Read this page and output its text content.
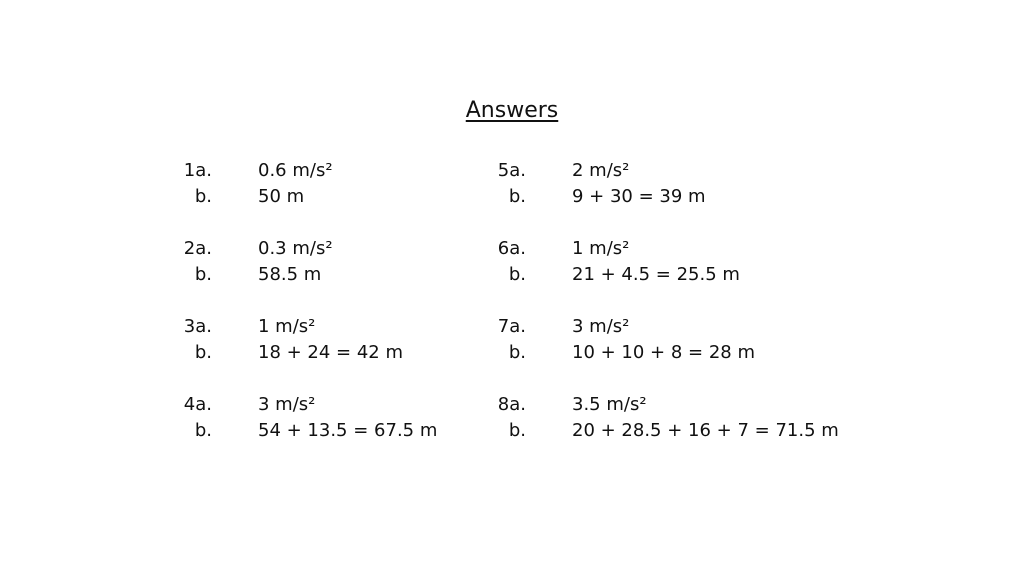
Answers
1a.	0.6 m/s²
b.	50 m
2a.	0.3 m/s²
b.	58.5 m
3a.	1 m/s²
b.	18 + 24 = 42 m
4a.	3 m/s²
b.	54 + 13.5 = 67.5 m
5a.	2 m/s²
b.	9 + 30 = 39 m
6a.	1 m/s²
b.	21 + 4.5 = 25.5 m
7a.	3 m/s²
b.	10 + 10 + 8 = 28 m
8a.	3.5 m/s²
b.	20 + 28.5 + 16 + 7 = 71.5 m
